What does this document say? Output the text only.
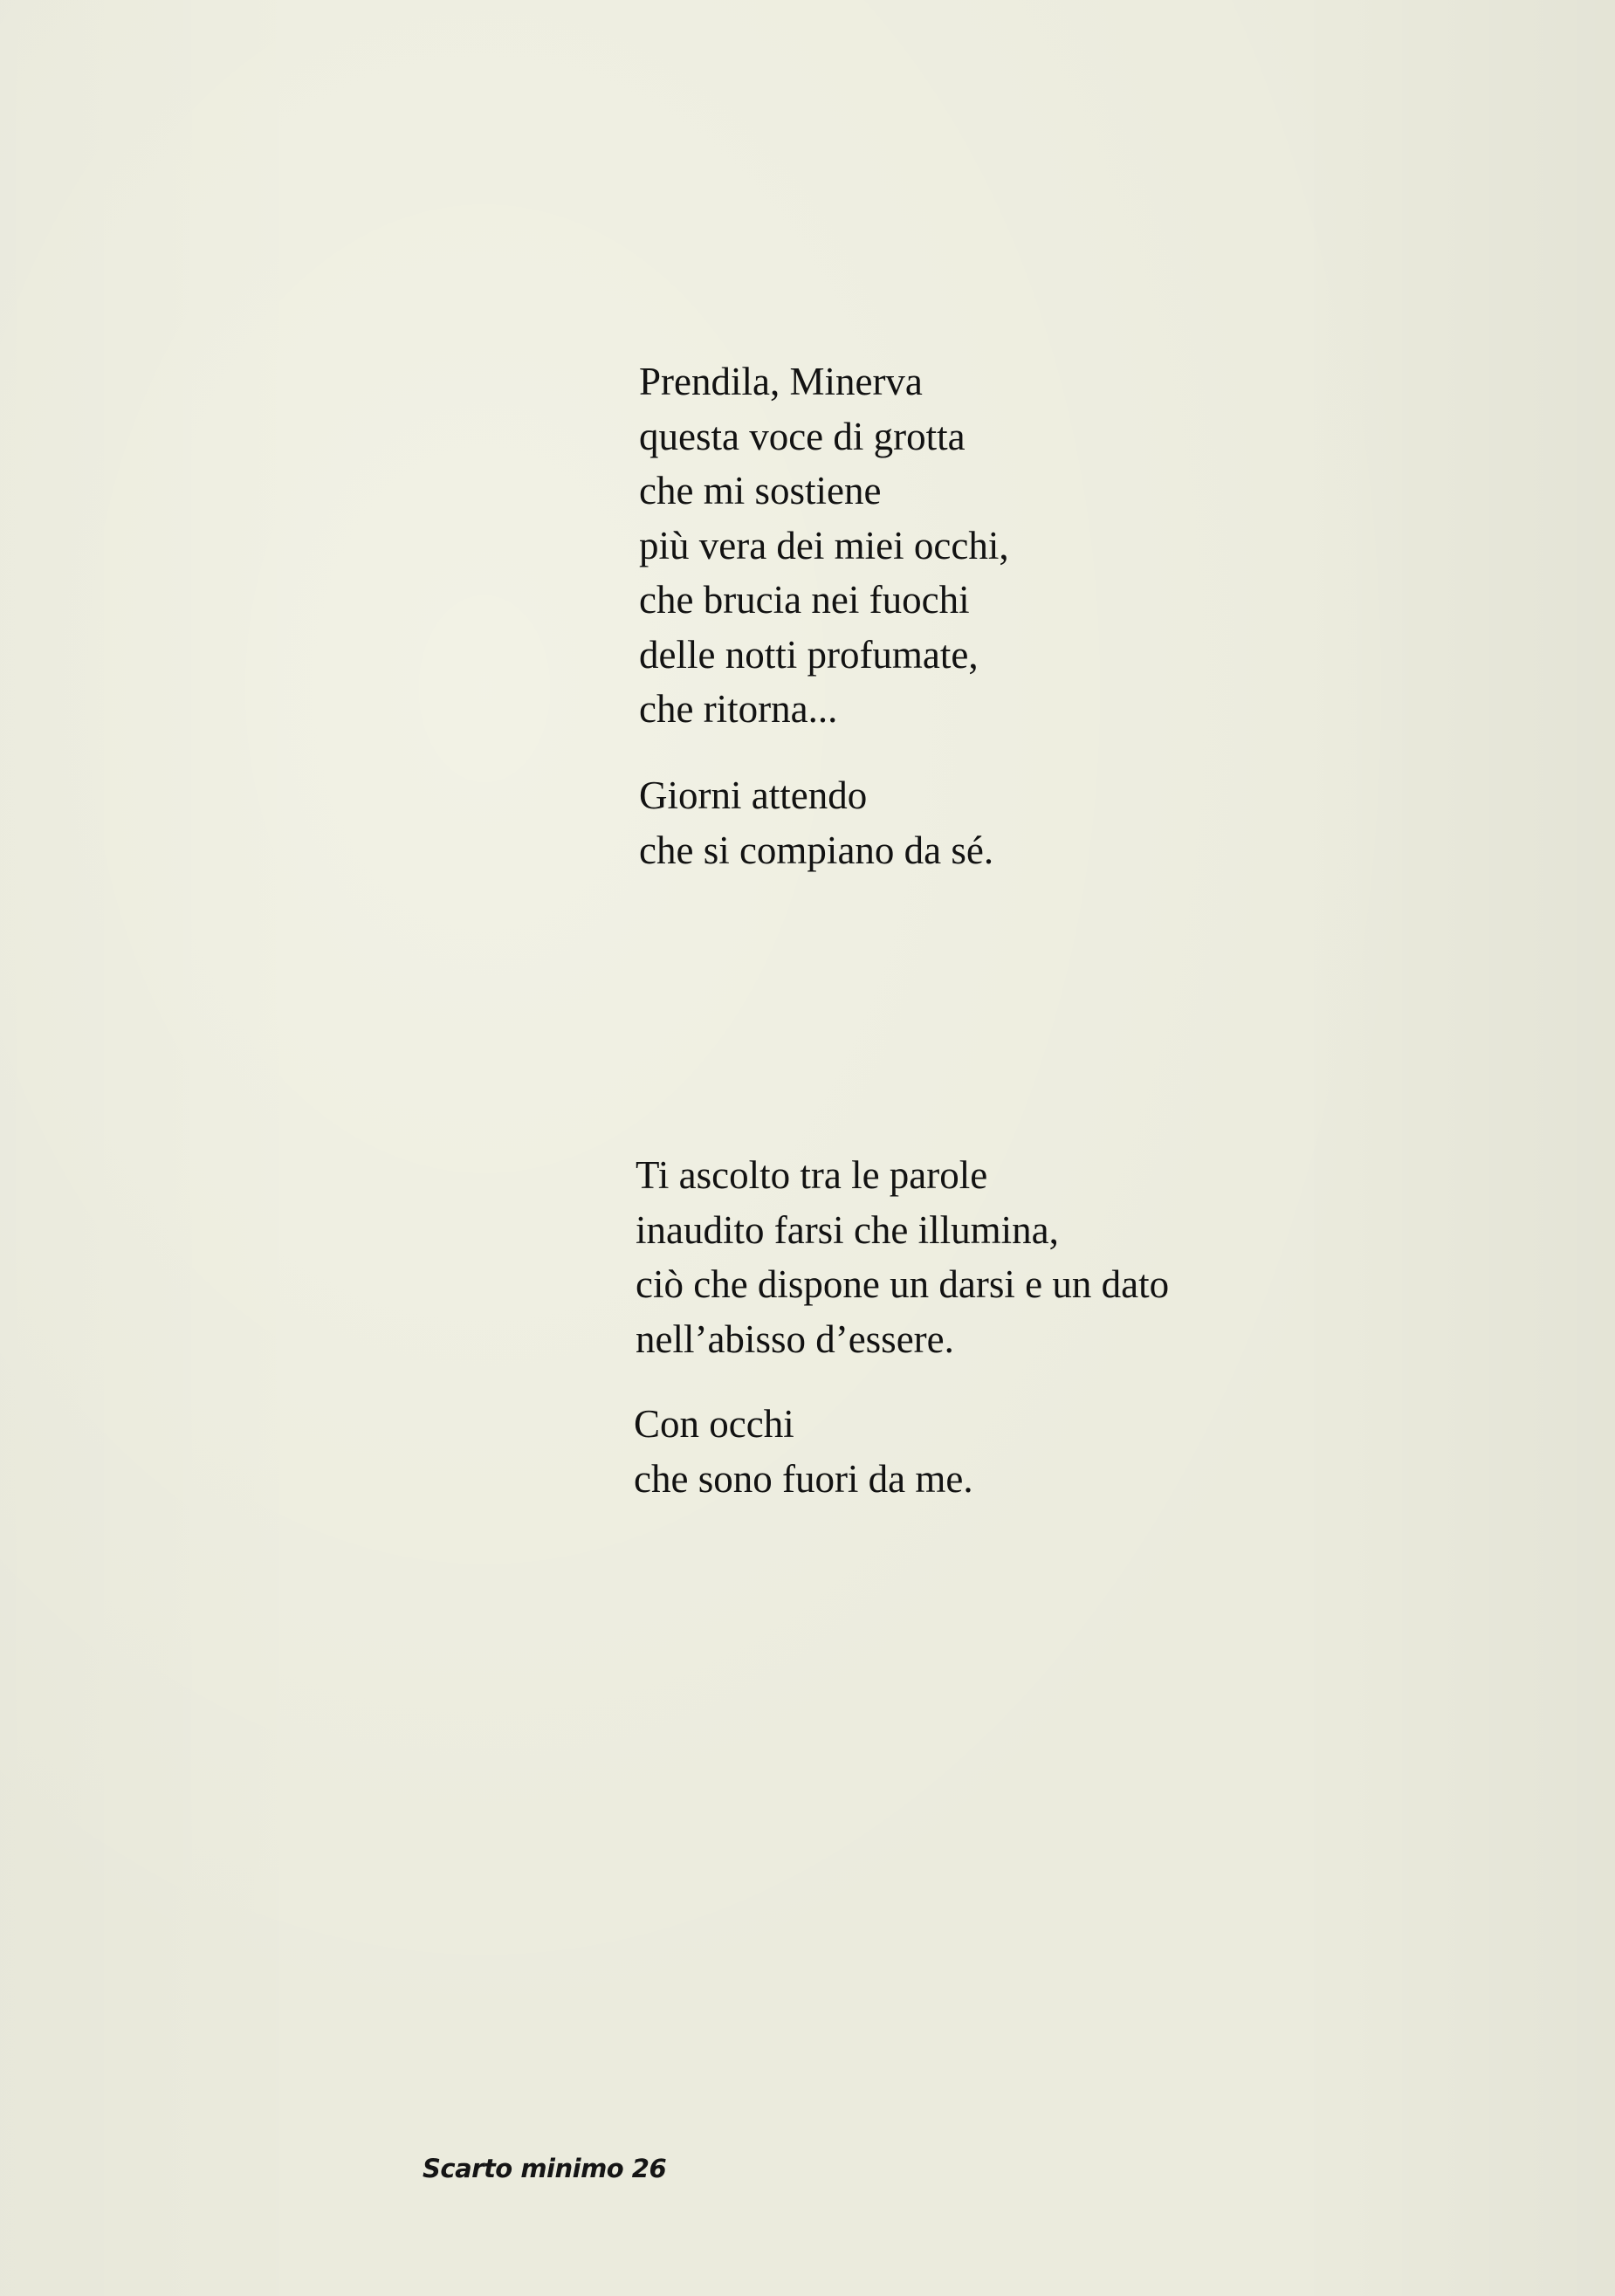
Prendila, Minerva
questa voce di grotta
che mi sostiene
più vera dei miei occhi,
che brucia nei fuochi
delle notti profumate,
che ritorna...
Giorni attendo
che si compiano da sé.
Ti ascolto tra le parole
inaudito farsi che illumina,
ciò che dispone un darsi e un dato
nell’abisso d’essere.
Con occhi
che sono fuori da me.
Scarto minimo 26
